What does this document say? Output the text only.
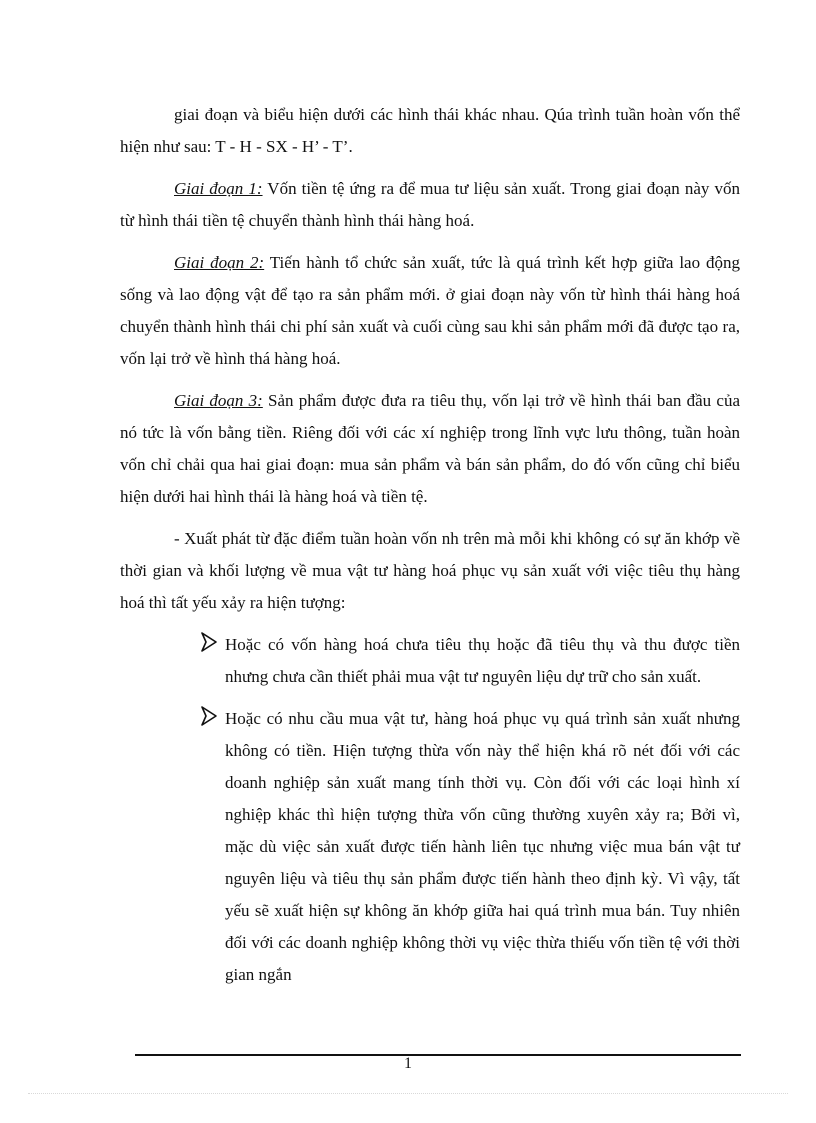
giai đoạn và biểu hiện dưới các hình thái khác nhau. Qúa trình tuần hoàn vốn thể hiện như sau: T - H - SX - H’ - T’.

Giai đoạn 1: Vốn tiền tệ ứng ra để mua tư liệu sản xuất. Trong giai đoạn này vốn từ hình thái tiền tệ chuyển thành hình thái hàng hoá.

Giai đoạn 2: Tiến hành tổ chức sản xuất, tức là quá trình kết hợp giữa lao động sống và lao động vật để tạo ra sản phẩm mới. ở giai đoạn này vốn từ hình thái hàng hoá chuyển thành hình thái chi phí sản xuất và cuối cùng sau khi sản phẩm mới đã được tạo ra, vốn lại trở về hình thá hàng hoá.

Giai đoạn 3: Sản phẩm được đưa ra tiêu thụ, vốn lại trở về hình thái ban đầu của nó tức là vốn bằng tiền. Riêng đối với các xí nghiệp trong lĩnh vực lưu thông, tuần hoàn vốn chỉ chải qua hai giai đoạn: mua sản phẩm và bán sản phẩm, do đó vốn cũng chỉ biểu hiện dưới hai hình thái là hàng hoá và tiền tệ.

- Xuất phát từ đặc điểm tuần hoàn vốn nh trên mà mỗi khi không có sự ăn khớp về thời gian và khối lượng về mua vật tư hàng hoá phục vụ sản xuất với việc tiêu thụ hàng hoá thì tất yếu xảy ra hiện tượng:

Hoặc có vốn hàng hoá chưa tiêu thụ hoặc đã tiêu thụ và thu được tiền nhưng chưa cần thiết phải mua vật tư nguyên liệu dự trữ cho sản xuất.
Hoặc có nhu cầu mua vật tư, hàng hoá phục vụ quá trình sản xuất nhưng không có tiền. Hiện tượng thừa vốn này thể hiện khá rõ nét đối với các doanh nghiệp sản xuất mang tính thời vụ. Còn đối với các loại hình xí nghiệp khác thì hiện tượng thừa vốn cũng thường xuyên xảy ra; Bởi vì, mặc dù việc sản xuất được tiến hành liên tục nhưng việc mua bán vật tư nguyên liệu và tiêu thụ sản phẩm được tiến hành theo định kỳ. Vì vậy, tất yếu sẽ xuất hiện sự không ăn khớp giữa hai quá trình mua bán. Tuy nhiên đối với các doanh nghiệp không thời vụ việc thừa thiếu vốn tiền tệ với thời gian ngắn
1
